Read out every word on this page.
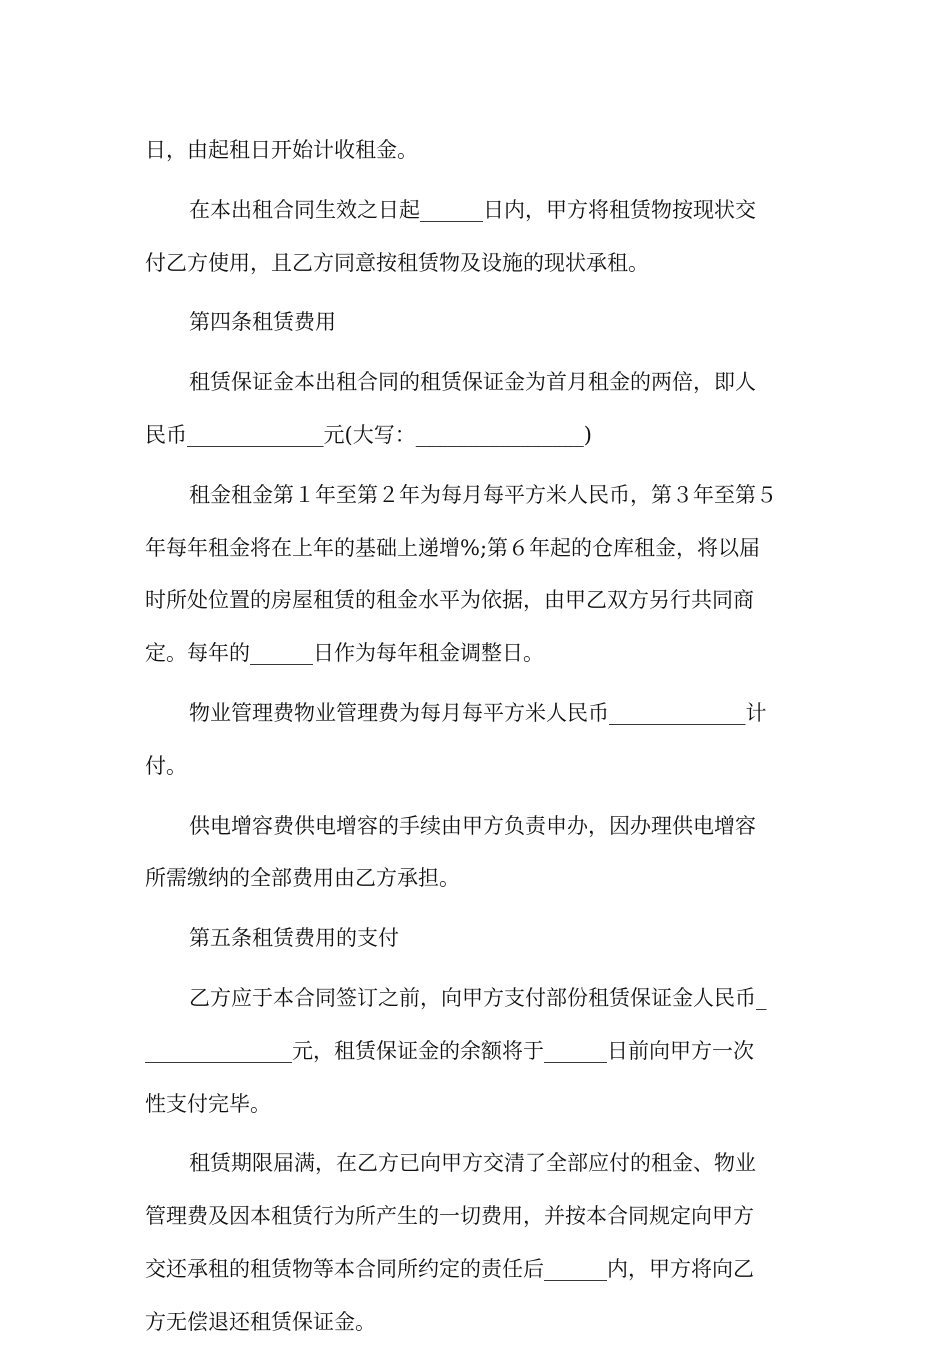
日，由起租日开始计收租金。
在本出租合同生效之日起______日内，甲方将租赁物按现状交
付乙方使用，且乙方同意按租赁物及设施的现状承租。
第四条租赁费用
租赁保证金本出租合同的租赁保证金为首月租金的两倍，即人
民币_____________元(大写：________________)
租金租金第１年至第２年为每月每平方米人民币，第３年至第５
年每年租金将在上年的基础上递增%;第６年起的仓库租金，将以届
时所处位置的房屋租赁的租金水平为依据，由甲乙双方另行共同商
定。每年的______日作为每年租金调整日。
物业管理费物业管理费为每月每平方米人民币_____________计
付。
供电增容费供电增容的手续由甲方负责申办，因办理供电增容
所需缴纳的全部费用由乙方承担。
第五条租赁费用的支付
乙方应于本合同签订之前，向甲方支付部份租赁保证金人民币_
______________元，租赁保证金的余额将于______日前向甲方一次
性支付完毕。
租赁期限届满，在乙方已向甲方交清了全部应付的租金、物业
管理费及因本租赁行为所产生的一切费用，并按本合同规定向甲方
交还承租的租赁物等本合同所约定的责任后______内，甲方将向乙
方无偿退还租赁保证金。
